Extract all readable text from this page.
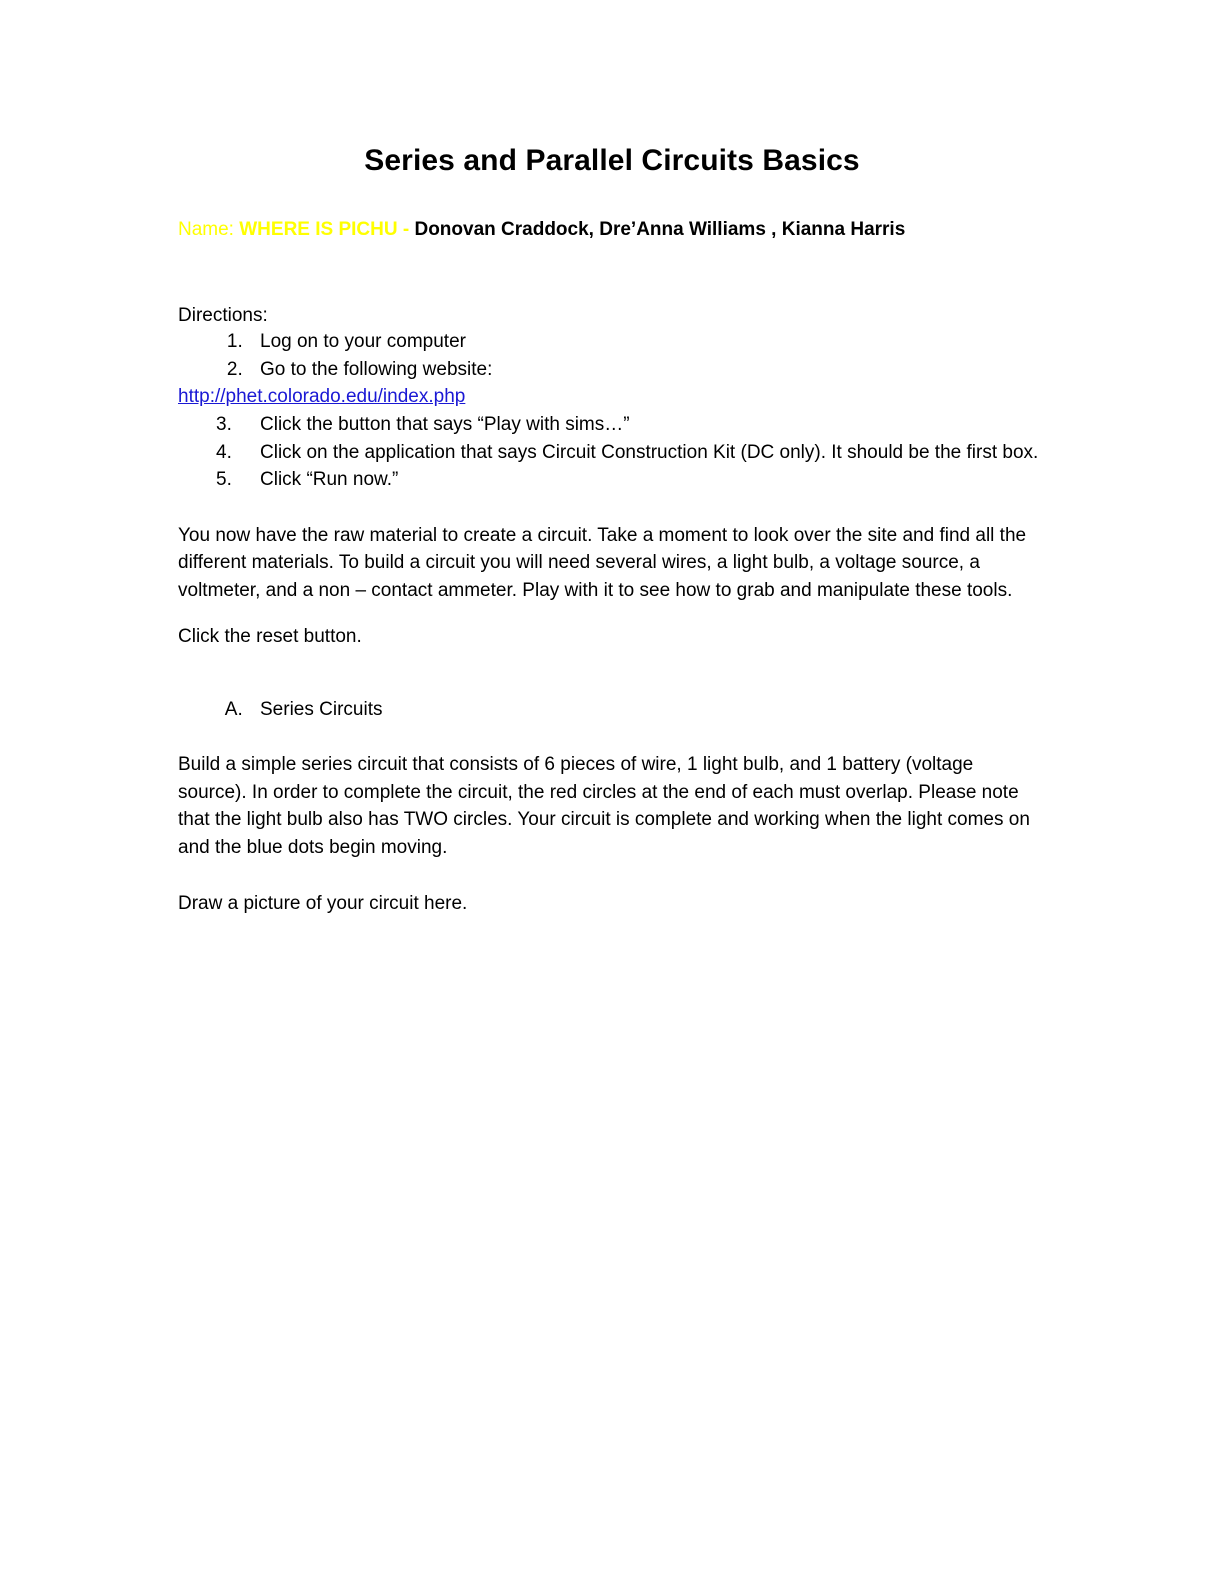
Series and Parallel Circuits Basics
Name: WHERE IS PICHU - Donovan Craddock, Dre’Anna Williams , Kianna Harris
Directions:
1. Log on to your computer
2. Go to the following website:
http://phet.colorado.edu/index.php
Click the button that says “Play with sims…”
Click on the application that says Circuit Construction Kit (DC only). It should be the first box.
Click “Run now.”

You now have the raw material to create a circuit. Take a moment to look over the site and find all the different materials. To build a circuit you will need several wires, a light bulb, a voltage source, a voltmeter, and a non – contact ammeter. Play with it to see how to grab and manipulate these tools.

Click the reset button.

A. Series Circuits

Build a simple series circuit that consists of 6 pieces of wire, 1 light bulb, and 1 battery (voltage source). In order to complete the circuit, the red circles at the end of each must overlap. Please note that the light bulb also has TWO circles. Your circuit is complete and working when the light comes on and the blue dots begin moving.

Draw a picture of your circuit here.
